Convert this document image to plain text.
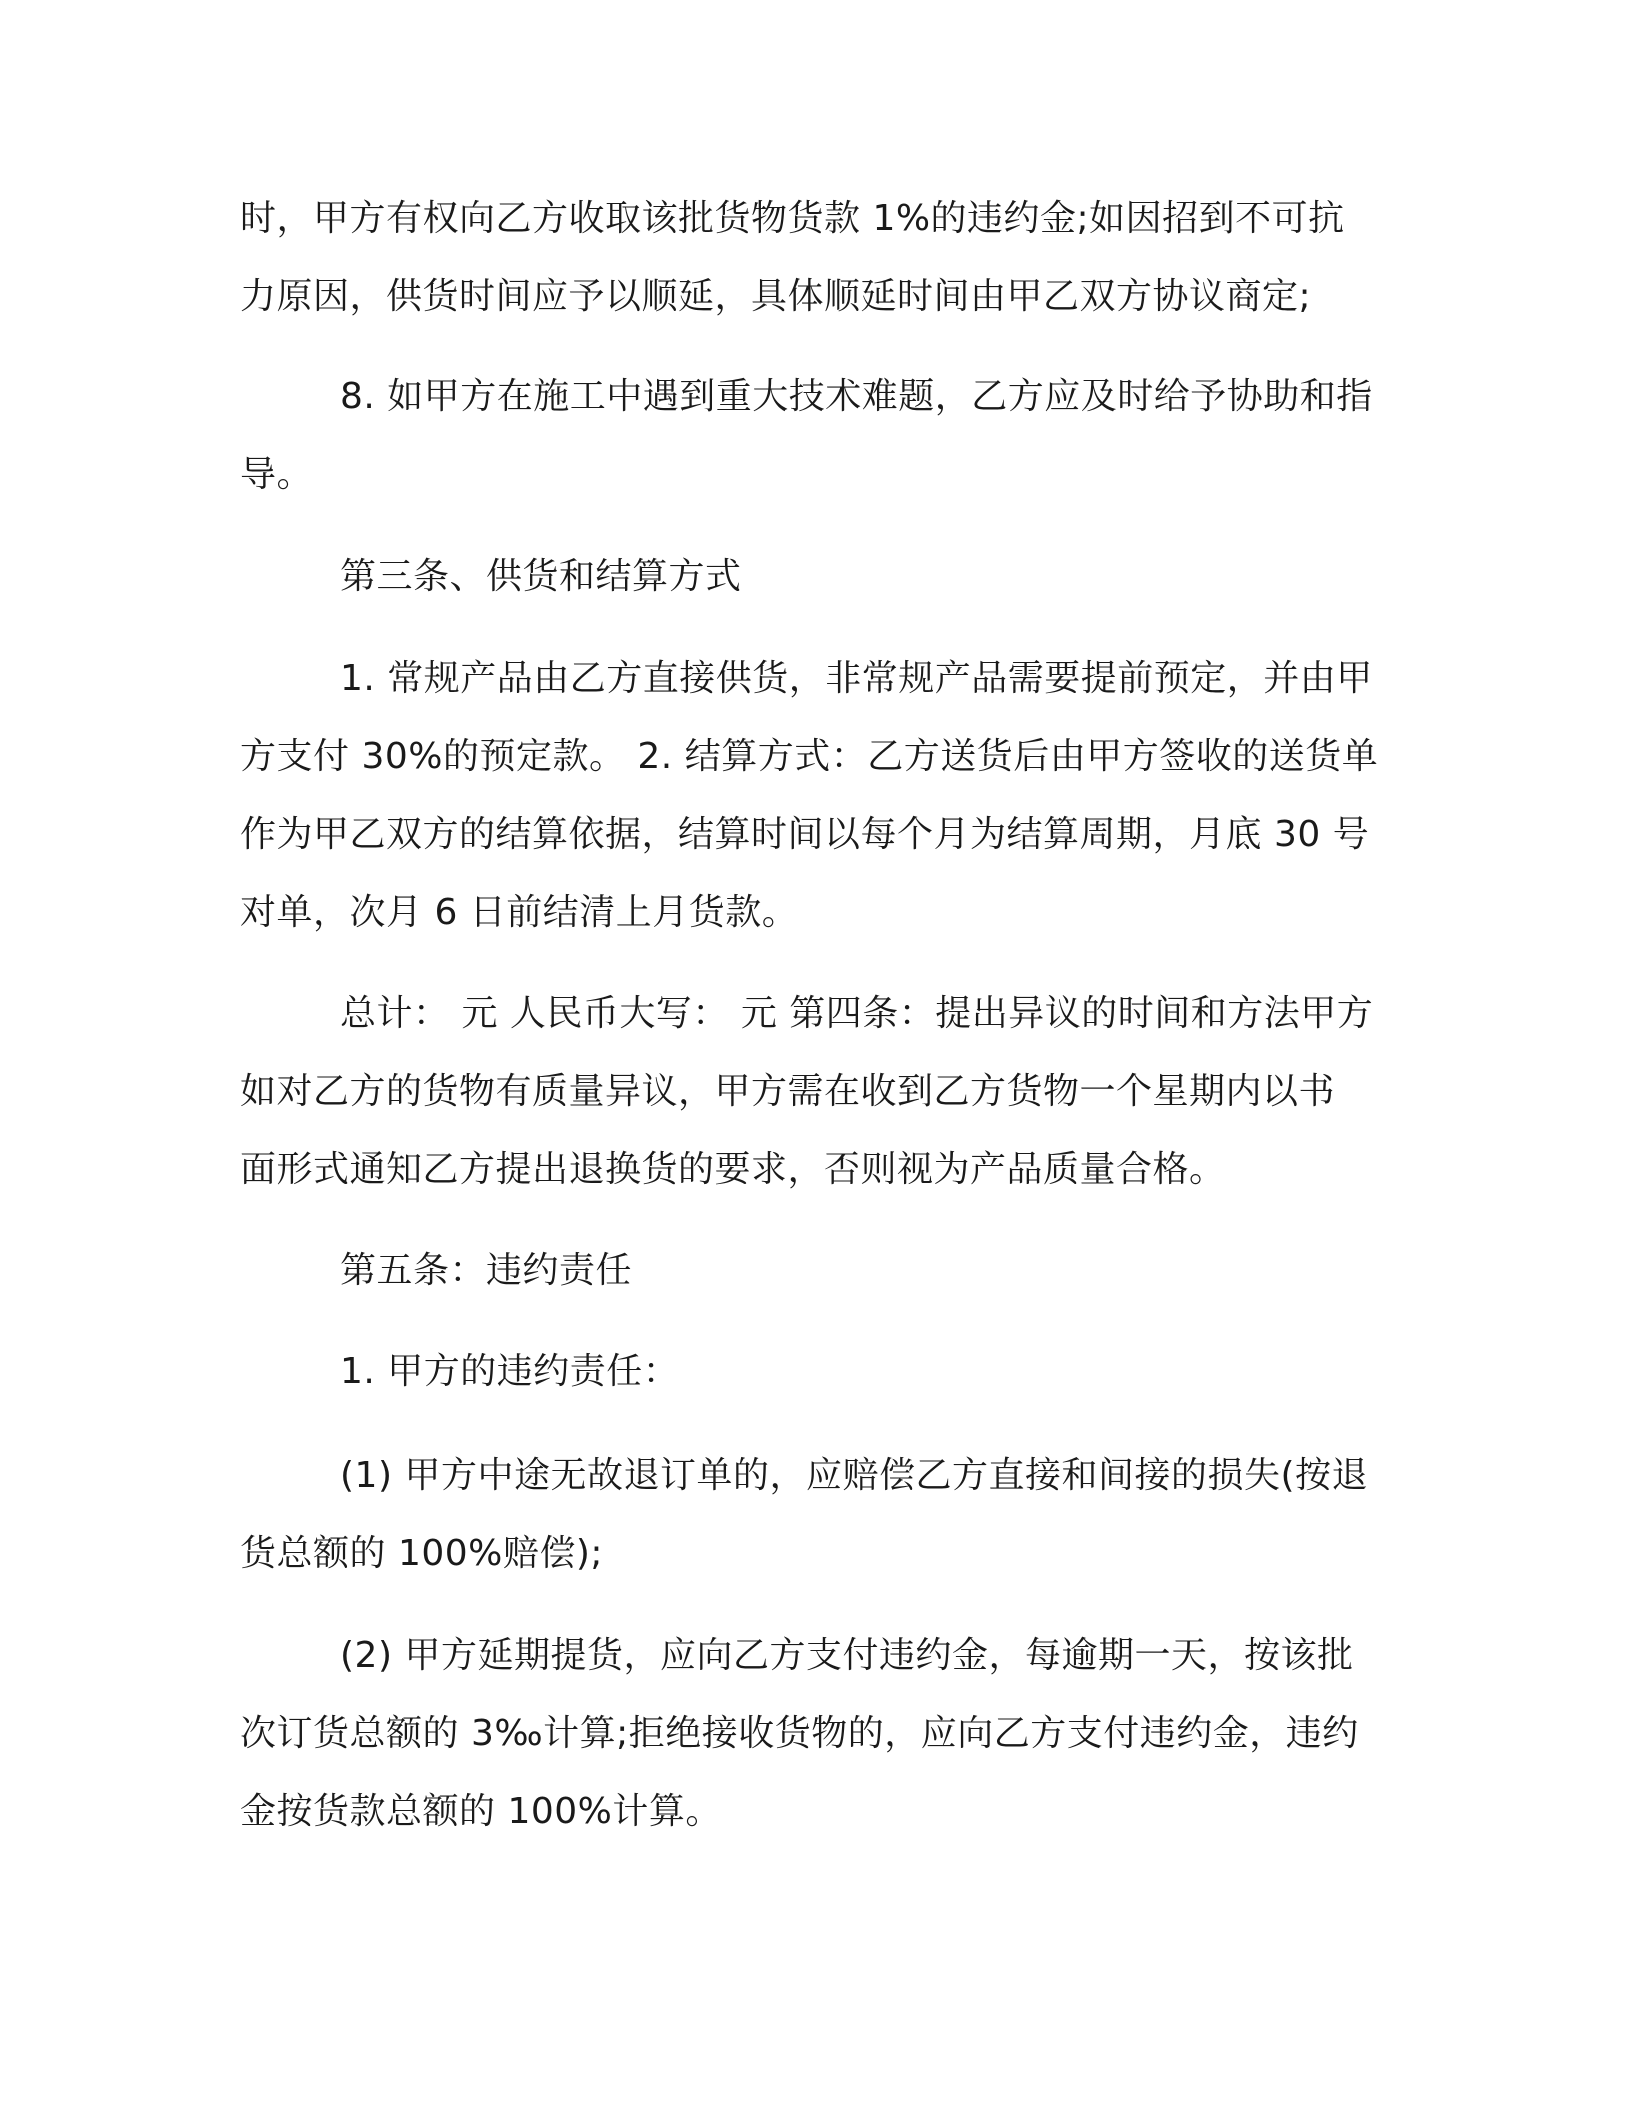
时，甲方有权向乙方收取该批货物货款 1%的违约金;如因招到不可抗
力原因，供货时间应予以顺延，具体顺延时间由甲乙双方协议商定;
8. 如甲方在施工中遇到重大技术难题，乙方应及时给予协助和指
导。
第三条、供货和结算方式
1. 常规产品由乙方直接供货，非常规产品需要提前预定，并由甲
方支付 30%的预定款。 2. 结算方式：乙方送货后由甲方签收的送货单
作为甲乙双方的结算依据，结算时间以每个月为结算周期，月底 30 号
对单，次月 6 日前结清上月货款。
总计： 元 人民币大写： 元 第四条：提出异议的时间和方法甲方
如对乙方的货物有质量异议，甲方需在收到乙方货物一个星期内以书
面形式通知乙方提出退换货的要求，否则视为产品质量合格。
第五条：违约责任
1. 甲方的违约责任：
(1) 甲方中途无故退订单的，应赔偿乙方直接和间接的损失(按退
货总额的 100%赔偿);
(2) 甲方延期提货，应向乙方支付违约金，每逾期一天，按该批
次订货总额的 3‰计算;拒绝接收货物的，应向乙方支付违约金，违约
金按货款总额的 100%计算。
